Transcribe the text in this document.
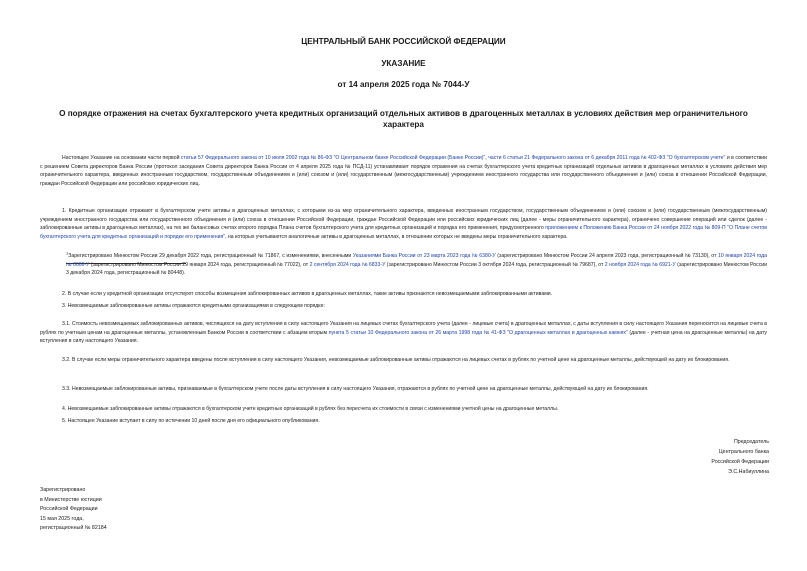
ЦЕНТРАЛЬНЫЙ БАНК РОССИЙСКОЙ ФЕДЕРАЦИИ
УКАЗАНИЕ
от 14 апреля 2025 года № 7044-У
О порядке отражения на счетах бухгалтерского учета кредитных организаций отдельных активов в драгоценных металлах в условиях действия мер ограничительного характера
Настоящее Указание на основании части первой статьи 57 Федерального закона от 10 июля 2002 года № 86-ФЗ "О Центральном банке Российской Федерации (Банке России)", части 6 статьи 21 Федерального закона от 6 декабря 2011 года № 402-ФЗ "О бухгалтерском учете" и в соответствии с решением Совета директоров Банка России (протокол заседания Совета директоров Банка России от 4 апреля 2025 года № ПСД-11) устанавливает порядок отражения на счетах бухгалтерского учета кредитных организаций отдельных активов в драгоценных металлах в условиях действия мер ограничительного характера, введенных иностранным государством, государственным объединением и (или) союзом и (или) государственным (межгосударственным) учреждением иностранного государства или государственного объединения и (или) союза в отношении Российской Федерации, граждан Российской Федерации или российских юридических лиц.
1. Кредитные организации отражают в бухгалтерском учете активы в драгоценных металлах, с которыми из-за мер ограничительного характера, введенных иностранным государством, государственным объединением и (или) союзом и (или) государственным (межгосударственным) учреждением иностранного государства или государственного объединения и (или) союза в отношении Российской Федерации, граждан Российской Федерации или российских юридических лиц (далее - меры ограничительного характера), ограничено совершение операций или сделок (далее - заблокированные активы в драгоценных металлах), на тех же балансовых счетах второго порядка Плана счетов бухгалтерского учета для кредитных организаций и порядка его применения, предусмотренного приложением к Положению Банка России от 24 ноября 2022 года № 809-П "О Плане счетов бухгалтерского учета для кредитных организаций и порядке его применения", на которых учитываются аналогичные активы в драгоценных металлах, в отношении которых не введены меры ограничительного характера.
$^1$Зарегистрировано Минюстом России 29 декабря 2022 года, регистрационный № 71867, с изменениями, внесенными Указаниями Банка России от 23 марта 2023 года № 6380-У (зарегистрировано Минюстом России 24 апреля 2023 года, регистрационный № 73130), от 10 января 2024 года № 6666-У (зарегистрировано Минюстом России 29 января 2024 года, регистрационный № 77022), от 2 сентября 2024 года № 6833-У (зарегистрировано Минюстом России 3 октября 2024 года, регистрационный № 79687), от 2 ноября 2024 года № 6921-У (зарегистрировано Минюстом России 3 декабря 2024 года, регистрационный № 80448).
2. В случае если у кредитной организации отсутствуют способы возмещения заблокированных активов в драгоценных металлах, такие активы признаются невозмещаемыми заблокированными активами.
3. Невозмещаемые заблокированные активы отражаются кредитными организациями в следующем порядке:
3.1. Стоимость невозмещаемых заблокированных активов, числящихся на дату вступления в силу настоящего Указания на лицевых счетах бухгалтерского учета (далее - лицевые счета) в драгоценных металлах, с даты вступления в силу настоящего Указания переносится на лицевые счета в рублях по учетным ценам на драгоценные металлы, установленным Банком России в соответствии с абзацем вторым пункта 5 статьи 10 Федерального закона от 26 марта 1998 года № 41-ФЗ "О драгоценных металлах и драгоценных камнях" (далее - учетная цена на драгоценные металлы) на дату вступления в силу настоящего Указания.
3.2. В случае если меры ограничительного характера введены после вступления в силу настоящего Указания, невозмещаемые заблокированные активы отражаются на лицевых счетах в рублях по учетной цене на драгоценные металлы, действующей на дату их блокирования.
3.3. Невозмещаемые заблокированные активы, признаваемые в бухгалтерском учете после даты вступления в силу настоящего Указания, отражаются в рублях по учетной цене на драгоценные металлы, действующей на дату их блокирования.
4. Невозмещаемые заблокированные активы отражаются в бухгалтерском учете кредитных организаций в рублях без пересчета их стоимости в связи с изменениями учетной цены на драгоценные металлы.
5. Настоящее Указание вступает в силу по истечении 10 дней после дня его официального опубликования.
Председатель
Центрального банка
Российской Федерации
Э.С.Набиуллина
Зарегистрировано
в Министерстве юстиции
Российской Федерации
15 мая 2025 года,
регистрационный № 82184
